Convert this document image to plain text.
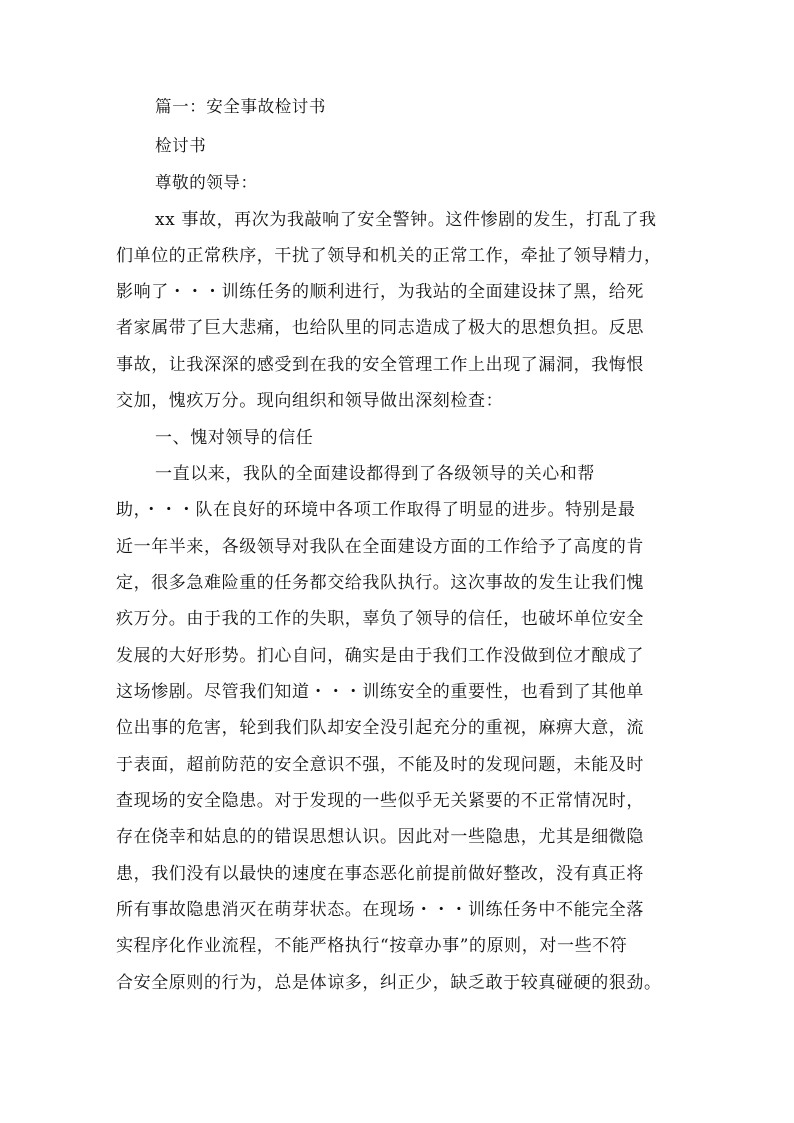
篇一：安全事故检讨书
检讨书
尊敬的领导：
xx 事故，再次为我敲响了安全警钟。这件惨剧的发生，打乱了我
们单位的正常秩序，干扰了领导和机关的正常工作，牵扯了领导精力，
影响了・・・训练任务的顺利进行，为我站的全面建设抹了黑，给死
者家属带了巨大悲痛，也给队里的同志造成了极大的思想负担。反思
事故，让我深深的感受到在我的安全管理工作上出现了漏洞，我悔恨
交加，愧疚万分。现向组织和领导做出深刻检查：
一、愧对领导的信任
一直以来，我队的全面建设都得到了各级领导的关心和帮
助，・・・队在良好的环境中各项工作取得了明显的进步。特别是最
近一年半来，各级领导对我队在全面建设方面的工作给予了高度的肯
定，很多急难险重的任务都交给我队执行。这次事故的发生让我们愧
疚万分。由于我的工作的失职，辜负了领导的信任，也破坏单位安全
发展的大好形势。扪心自问，确实是由于我们工作没做到位才酿成了
这场惨剧。尽管我们知道・・・训练安全的重要性，也看到了其他单
位出事的危害，轮到我们队却安全没引起充分的重视，麻痹大意，流
于表面，超前防范的安全意识不强，不能及时的发现问题，未能及时
查现场的安全隐患。对于发现的一些似乎无关紧要的不正常情况时，
存在侥幸和姑息的的错误思想认识。因此对一些隐患，尤其是细微隐
患，我们没有以最快的速度在事态恶化前提前做好整改，没有真正将
所有事故隐患消灭在萌芽状态。在现场・・・训练任务中不能完全落
实程序化作业流程，不能严格执行“按章办事”的原则，对一些不符
合安全原则的行为，总是体谅多，纠正少，缺乏敢于较真碰硬的狠劲。
